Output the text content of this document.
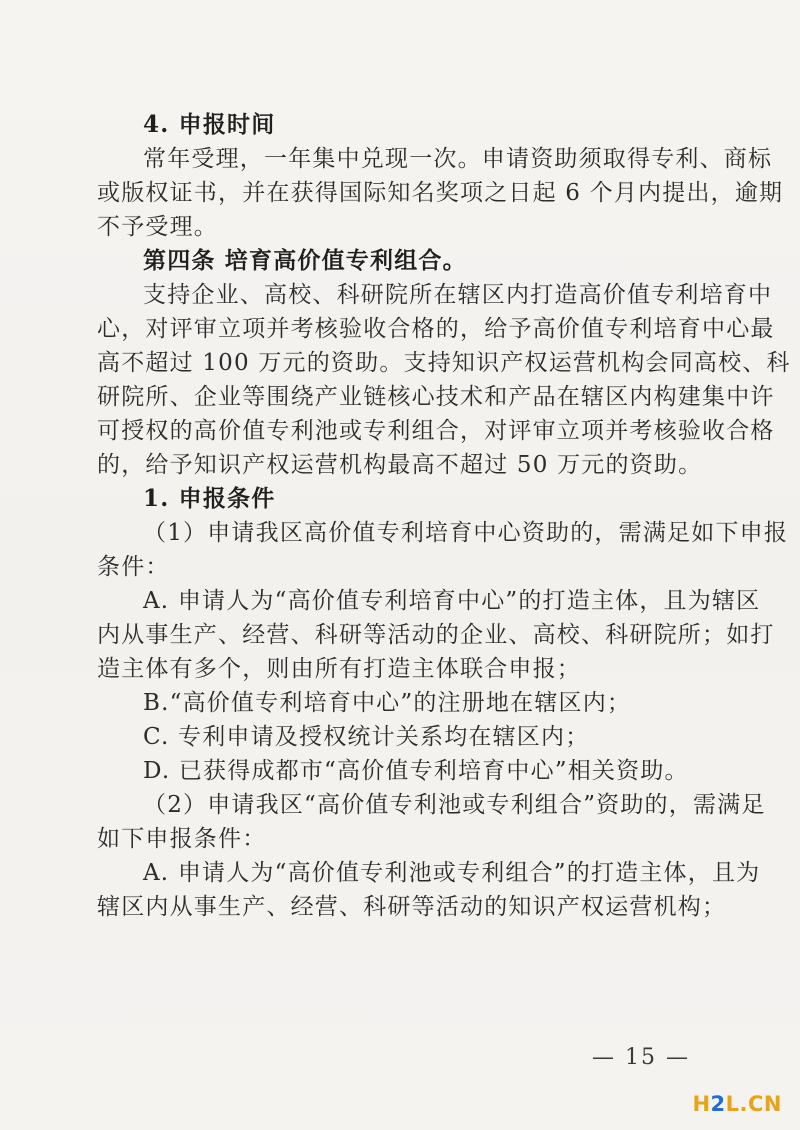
4. 申报时间

常年受理，一年集中兑现一次。申请资助须取得专利、商标

或版权证书，并在获得国际知名奖项之日起 6 个月内提出，逾期

不予受理。

第四条 培育高价值专利组合。

支持企业、高校、科研院所在辖区内打造高价值专利培育中

心，对评审立项并考核验收合格的，给予高价值专利培育中心最

高不超过 100 万元的资助。支持知识产权运营机构会同高校、科

研院所、企业等围绕产业链核心技术和产品在辖区内构建集中许

可授权的高价值专利池或专利组合，对评审立项并考核验收合格

的，给予知识产权运营机构最高不超过 50 万元的资助。

1. 申报条件

（1）申请我区高价值专利培育中心资助的，需满足如下申报

条件：

A. 申请人为“高价值专利培育中心”的打造主体，且为辖区

内从事生产、经营、科研等活动的企业、高校、科研院所；如打

造主体有多个，则由所有打造主体联合申报；

B.“高价值专利培育中心”的注册地在辖区内；

C. 专利申请及授权统计关系均在辖区内；

D. 已获得成都市“高价值专利培育中心”相关资助。

（2）申请我区“高价值专利池或专利组合”资助的，需满足

如下申报条件：

A. 申请人为“高价值专利池或专利组合”的打造主体，且为

辖区内从事生产、经营、科研等活动的知识产权运营机构；

— 15 —
H2L.CN
